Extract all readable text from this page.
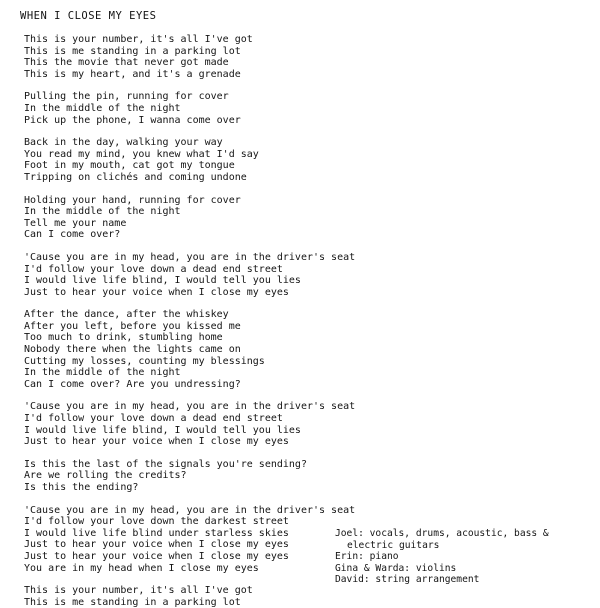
WHEN I CLOSE MY EYES
This is your number, it's all I've got
This is me standing in a parking lot
This the movie that never got made
This is my heart, and it's a grenade
Pulling the pin, running for cover
In the middle of the night
Pick up the phone, I wanna come over
Back in the day, walking your way
You read my mind, you knew what I'd say
Foot in my mouth, cat got my tongue
Tripping on clichés and coming undone
Holding your hand, running for cover
In the middle of the night
Tell me your name
Can I come over?
'Cause you are in my head, you are in the driver's seat
I'd follow your love down a dead end street
I would live life blind, I would tell you lies
Just to hear your voice when I close my eyes
After the dance, after the whiskey
After you left, before you kissed me
Too much to drink, stumbling home
Nobody there when the lights came on
Cutting my losses, counting my blessings
In the middle of the night
Can I come over? Are you undressing?
'Cause you are in my head, you are in the driver's seat
I'd follow your love down a dead end street
I would live life blind, I would tell you lies
Just to hear your voice when I close my eyes
Is this the last of the signals you're sending?
Are we rolling the credits?
Is this the ending?
'Cause you are in my head, you are in the driver's seat
I'd follow your love down the darkest street
I would live life blind under starless skies
Just to hear your voice when I close my eyes
Just to hear your voice when I close my eyes
You are in my head when I close my eyes
This is your number, it's all I've got
This is me standing in a parking lot
Joel: vocals, drums, acoustic, bass &
electric guitars
Erin: piano
Gina & Warda: violins
David: string arrangement
